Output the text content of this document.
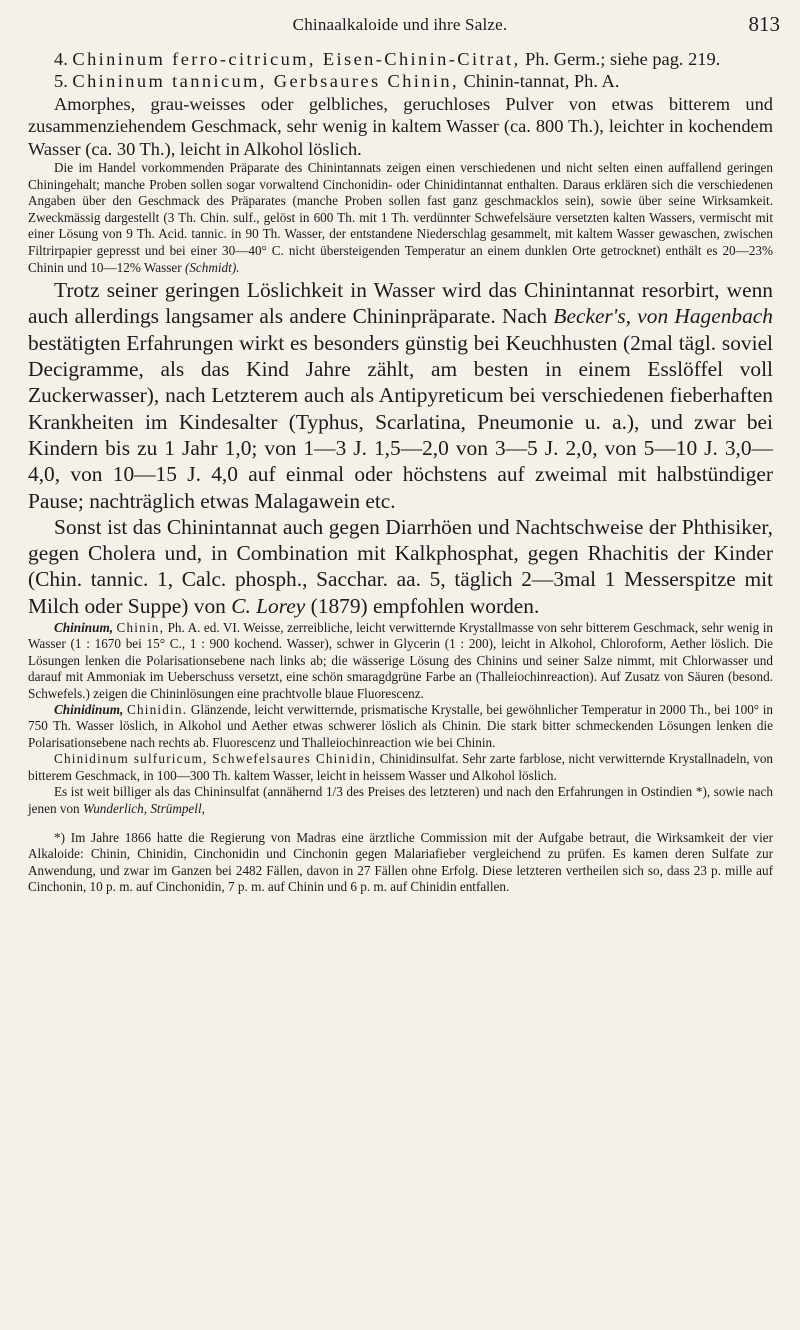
Chinaalkaloide und ihre Salze.	813

4. Chininum ferro-citricum, Eisen-Chinin-Citrat, Ph. Germ.; siehe pag. 219.

5. Chininum tannicum, Gerbsaures Chinin, Chinin-tannat, Ph. A.

Amorphes, grau-weisses oder gelbliches, geruchloses Pulver von etwas bitterem und zusammenziehendem Geschmack, sehr wenig in kaltem Wasser (ca. 800 Th.), leichter in kochendem Wasser (ca. 30 Th.), leicht in Alkohol löslich.

Die im Handel vorkommenden Präparate des Chinintannats zeigen einen verschiedenen und nicht selten einen auffallend geringen Chiningehalt; manche Proben sollen sogar vorwaltend Cinchonidin- oder Chinidintannat enthalten. Daraus erklären sich die verschiedenen Angaben über den Geschmack des Präparates (manche Proben sollen fast ganz geschmacklos sein), sowie über seine Wirksamkeit. Zweckmässig dargestellt (3 Th. Chin. sulf., gelöst in 600 Th. mit 1 Th. verdünnter Schwefelsäure versetzten kalten Wassers, vermischt mit einer Lösung von 9 Th. Acid. tannic. in 90 Th. Wasser, der entstandene Niederschlag gesammelt, mit kaltem Wasser gewaschen, zwischen Filtrirpapier gepresst und bei einer 30—40° C. nicht übersteigenden Temperatur an einem dunklen Orte getrocknet) enthält es 20—23% Chinin und 10—12% Wasser (Schmidt).

Trotz seiner geringen Löslichkeit in Wasser wird das Chinintannat resorbirt, wenn auch allerdings langsamer als andere Chininpräparate. Nach Becker's, von Hagenbach bestätigten Erfahrungen wirkt es besonders günstig bei Keuchhusten (2mal tägl. soviel Decigramme, als das Kind Jahre zählt, am besten in einem Esslöffel voll Zuckerwasser), nach Letzterem auch als Antipyreticum bei verschiedenen fieberhaften Krankheiten im Kindesalter (Typhus, Scarlatina, Pneumonie u. a.), und zwar bei Kindern bis zu 1 Jahr 1,0; von 1—3 J. 1,5—2,0 von 3—5 J. 2,0, von 5—10 J. 3,0—4,0, von 10—15 J. 4,0 auf einmal oder höchstens auf zweimal mit halbstündiger Pause; nachträglich etwas Malagawein etc.

Sonst ist das Chinintannat auch gegen Diarrhöen und Nachtschweise der Phthisiker, gegen Cholera und, in Combination mit Kalkphosphat, gegen Rhachitis der Kinder (Chin. tannic. 1, Calc. phosph., Sacchar. aa. 5, täglich 2—3mal 1 Messerspitze mit Milch oder Suppe) von C. Lorey (1879) empfohlen worden.

Chininum, Chinin, Ph. A. ed. VI. Weisse, zerreibliche, leicht verwitternde Krystallmasse von sehr bitterem Geschmack, sehr wenig in Wasser (1 : 1670 bei 15° C., 1 : 900 kochend. Wasser), schwer in Glycerin (1 : 200), leicht in Alkohol, Chloroform, Aether löslich. Die Lösungen lenken die Polarisationsebene nach links ab; die wässerige Lösung des Chinins und seiner Salze nimmt, mit Chlorwasser und darauf mit Ammoniak im Ueberschuss versetzt, eine schön smaragdgrüne Farbe an (Thalleiochinreaction). Auf Zusatz von Säuren (besond. Schwefels.) zeigen die Chininlösungen eine prachtvolle blaue Fluorescenz.

Chinidinum, Chinidin. Glänzende, leicht verwitternde, prismatische Krystalle, bei gewöhnlicher Temperatur in 2000 Th., bei 100° in 750 Th. Wasser löslich, in Alkohol und Aether etwas schwerer löslich als Chinin. Die stark bitter schmeckenden Lösungen lenken die Polarisationsebene nach rechts ab. Fluorescenz und Thalleiochinreaction wie bei Chinin.

Chinidinum sulfuricum, Schwefelsaures Chinidin, Chinidinsulfat. Sehr zarte farblose, nicht verwitternde Krystallnadeln, von bitterem Geschmack, in 100—300 Th. kaltem Wasser, leicht in heissem Wasser und Alkohol löslich.

Es ist weit billiger als das Chininsulfat (annähernd 1/3 des Preises des letzteren) und nach den Erfahrungen in Ostindien *), sowie nach jenen von Wunderlich, Strümpell,

*) Im Jahre 1866 hatte die Regierung von Madras eine ärztliche Commission mit der Aufgabe betraut, die Wirksamkeit der vier Alkaloide: Chinin, Chinidin, Cinchonidin und Cinchonin gegen Malariafieber vergleichend zu prüfen. Es kamen deren Sulfate zur Anwendung, und zwar im Ganzen bei 2482 Fällen, davon in 27 Fällen ohne Erfolg. Diese letzteren vertheilen sich so, dass 23 p. mille auf Cinchonin, 10 p. m. auf Cinchonidin, 7 p. m. auf Chinin und 6 p. m. auf Chinidin entfallen.
